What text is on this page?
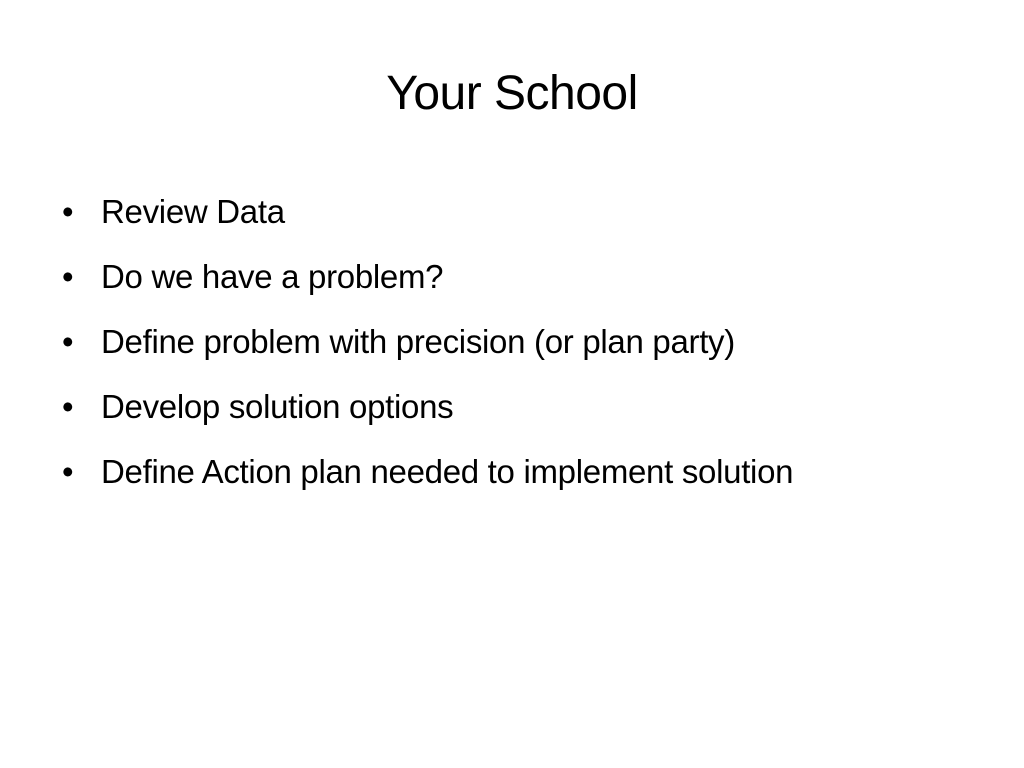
Your School
• Review Data
• Do we have a problem?
• Define problem with precision (or plan party)
• Develop solution options
• Define Action plan needed to implement solution
